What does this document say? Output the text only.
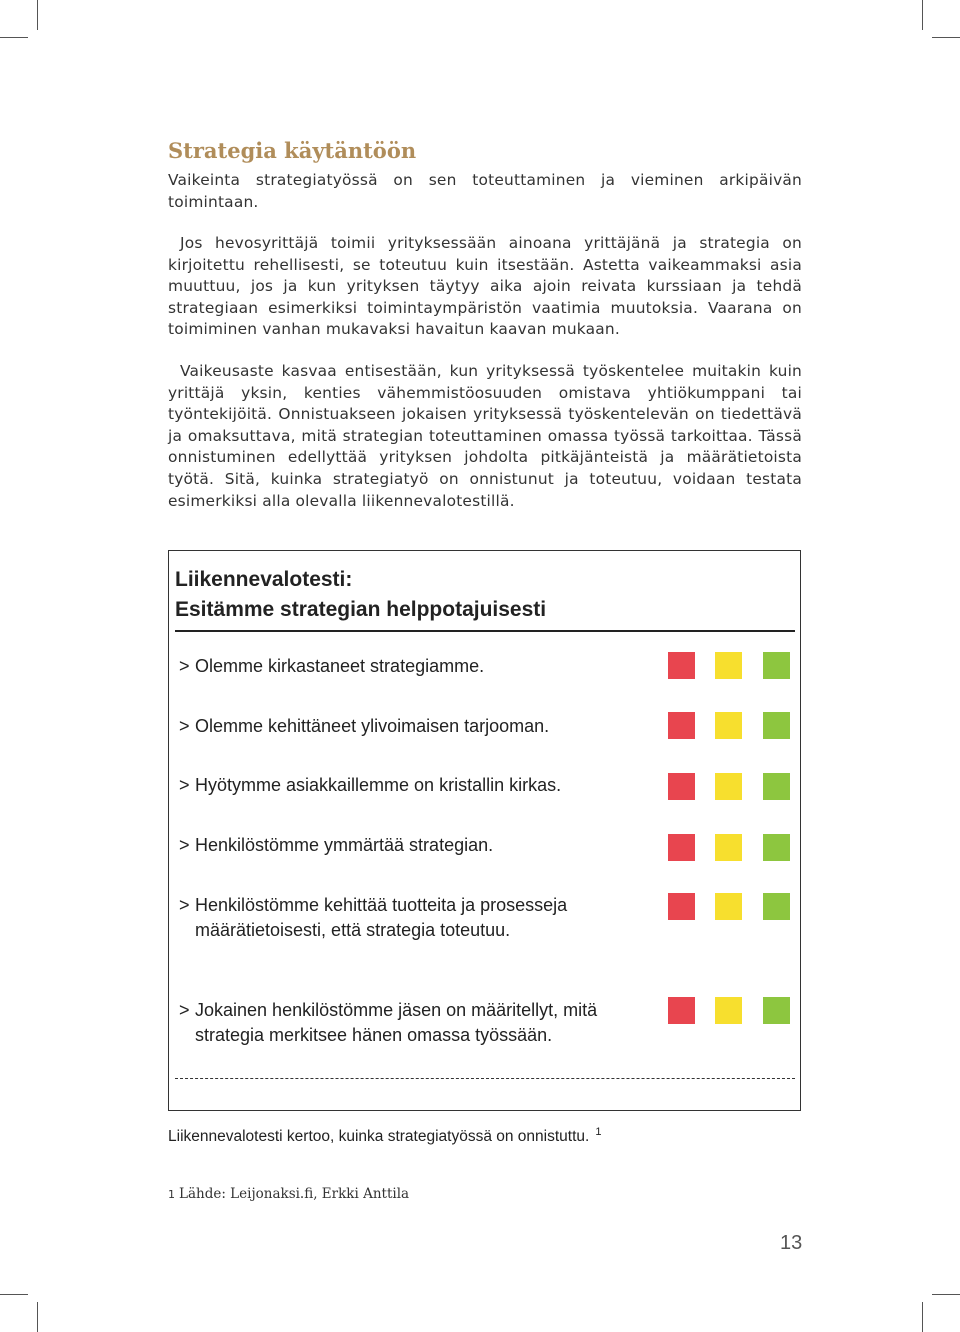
Strategia käytäntöön

Vaikeinta strategiatyössä on sen toteuttaminen ja vieminen arkipäivän toimintaan.

Jos hevosyrittäjä toimii yrityksessään ainoana yrittäjänä ja strategia on kirjoitettu rehellisesti, se toteutuu kuin itsestään. Astetta vaikeammaksi asia muuttuu, jos ja kun yrityksen täytyy aika ajoin reivata kurssiaan ja tehdä strategiaan esimerkiksi toimintaympäristön vaatimia muutoksia. Vaarana on toimiminen vanhan mukavaksi havaitun kaavan mukaan.

Vaikeusaste kasvaa entisestään, kun yrityksessä työskentelee muitakin kuin yrittäjä yksin, kenties vähemmistöosuuden omistava yhtiökumppani tai työntekijöitä. Onnistuakseen jokaisen yrityksessä työskentelevän on tiedettävä ja omaksuttava, mitä strategian toteuttaminen omassa työssä tarkoittaa. Tässä onnistuminen edellyttää yrityksen johdolta pitkäjänteistä ja määrätietoista työtä. Sitä, kuinka strategiatyö on onnistunut ja toteutuu, voidaan testata esimerkiksi alla olevalla liikennevalotestillä.

Liikennevalotesti:
Esitämme strategian helppotajuisesti
> Olemme kirkastaneet strategiamme.
> Olemme kehittäneet ylivoimaisen tarjooman.
> Hyötymme asiakkaillemme on kristallin kirkas.
> Henkilöstömme ymmärtää strategian.
> Henkilöstömme kehittää tuotteita ja prosesseja määrätietoisesti, että strategia toteutuu.
> Jokainen henkilöstömme jäsen on määritellyt, mitä strategia merkitsee hänen omassa työssään.
Liikennevalotesti kertoo, kuinka strategiatyössä on onnistuttu. $^1$
1 Lähde: Leijonaksi.fi, Erkki Anttila
13
